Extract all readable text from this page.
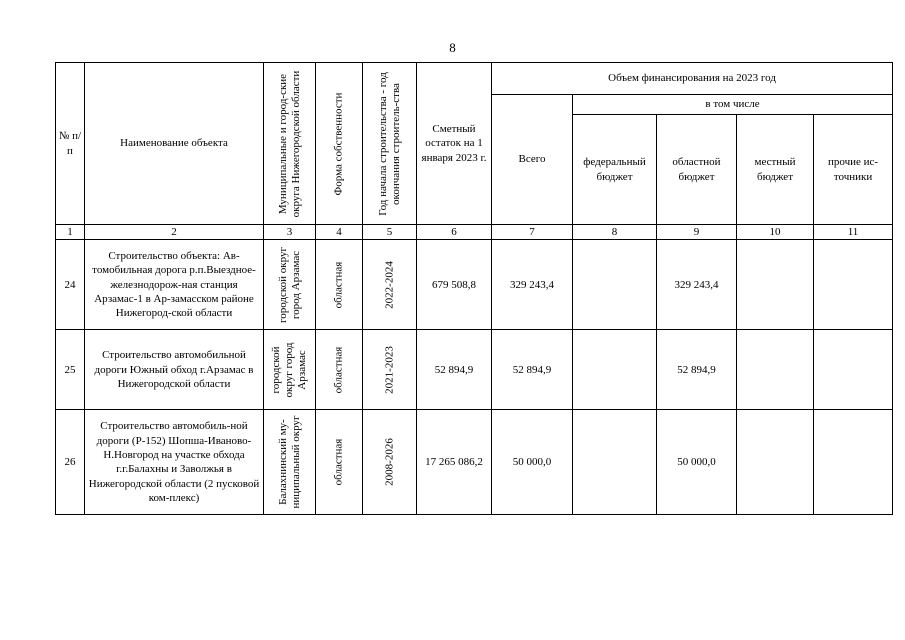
8
№ п/п	Наименование объекта	Муниципальные и город-ские округа Нижегородской области	Форма собственности	Год начала строительства - год окончания строитель-ства	Сметный остаток на 1 января 2023 г.	Объем финансирования на 2023 год				
						Всего	в том числе			
							федеральный бюджет	областной бюджет	местный бюджет	прочие ис-точники
1	2	3	4	5	6	7	8	9	10	11
24	Строительство объекта: Ав-томобильная дорога р.п.Выездное- железнодорож-ная станция Арзамас-1 в Ар-замасском районе Нижегород-ской области	городской округ город Арзамас	областная	2022-2024	679 508,8	329 243,4		329 243,4		
25	Строительство автомобильной дороги Южный обход г.Арзамас в Нижегородской области	городской округ город Арзамас	областная	2021-2023	52 894,9	52 894,9		52 894,9		
26	Строительство автомобиль-ной дороги (Р-152) Шопша-Иваново-Н.Новгород на участке обхода г.г.Балахны и Заволжья в Нижегородской области (2 пусковой ком-плекс)	Балахнинский му-ниципальный округ	областная	2008-2026	17 265 086,2	50 000,0		50 000,0		
